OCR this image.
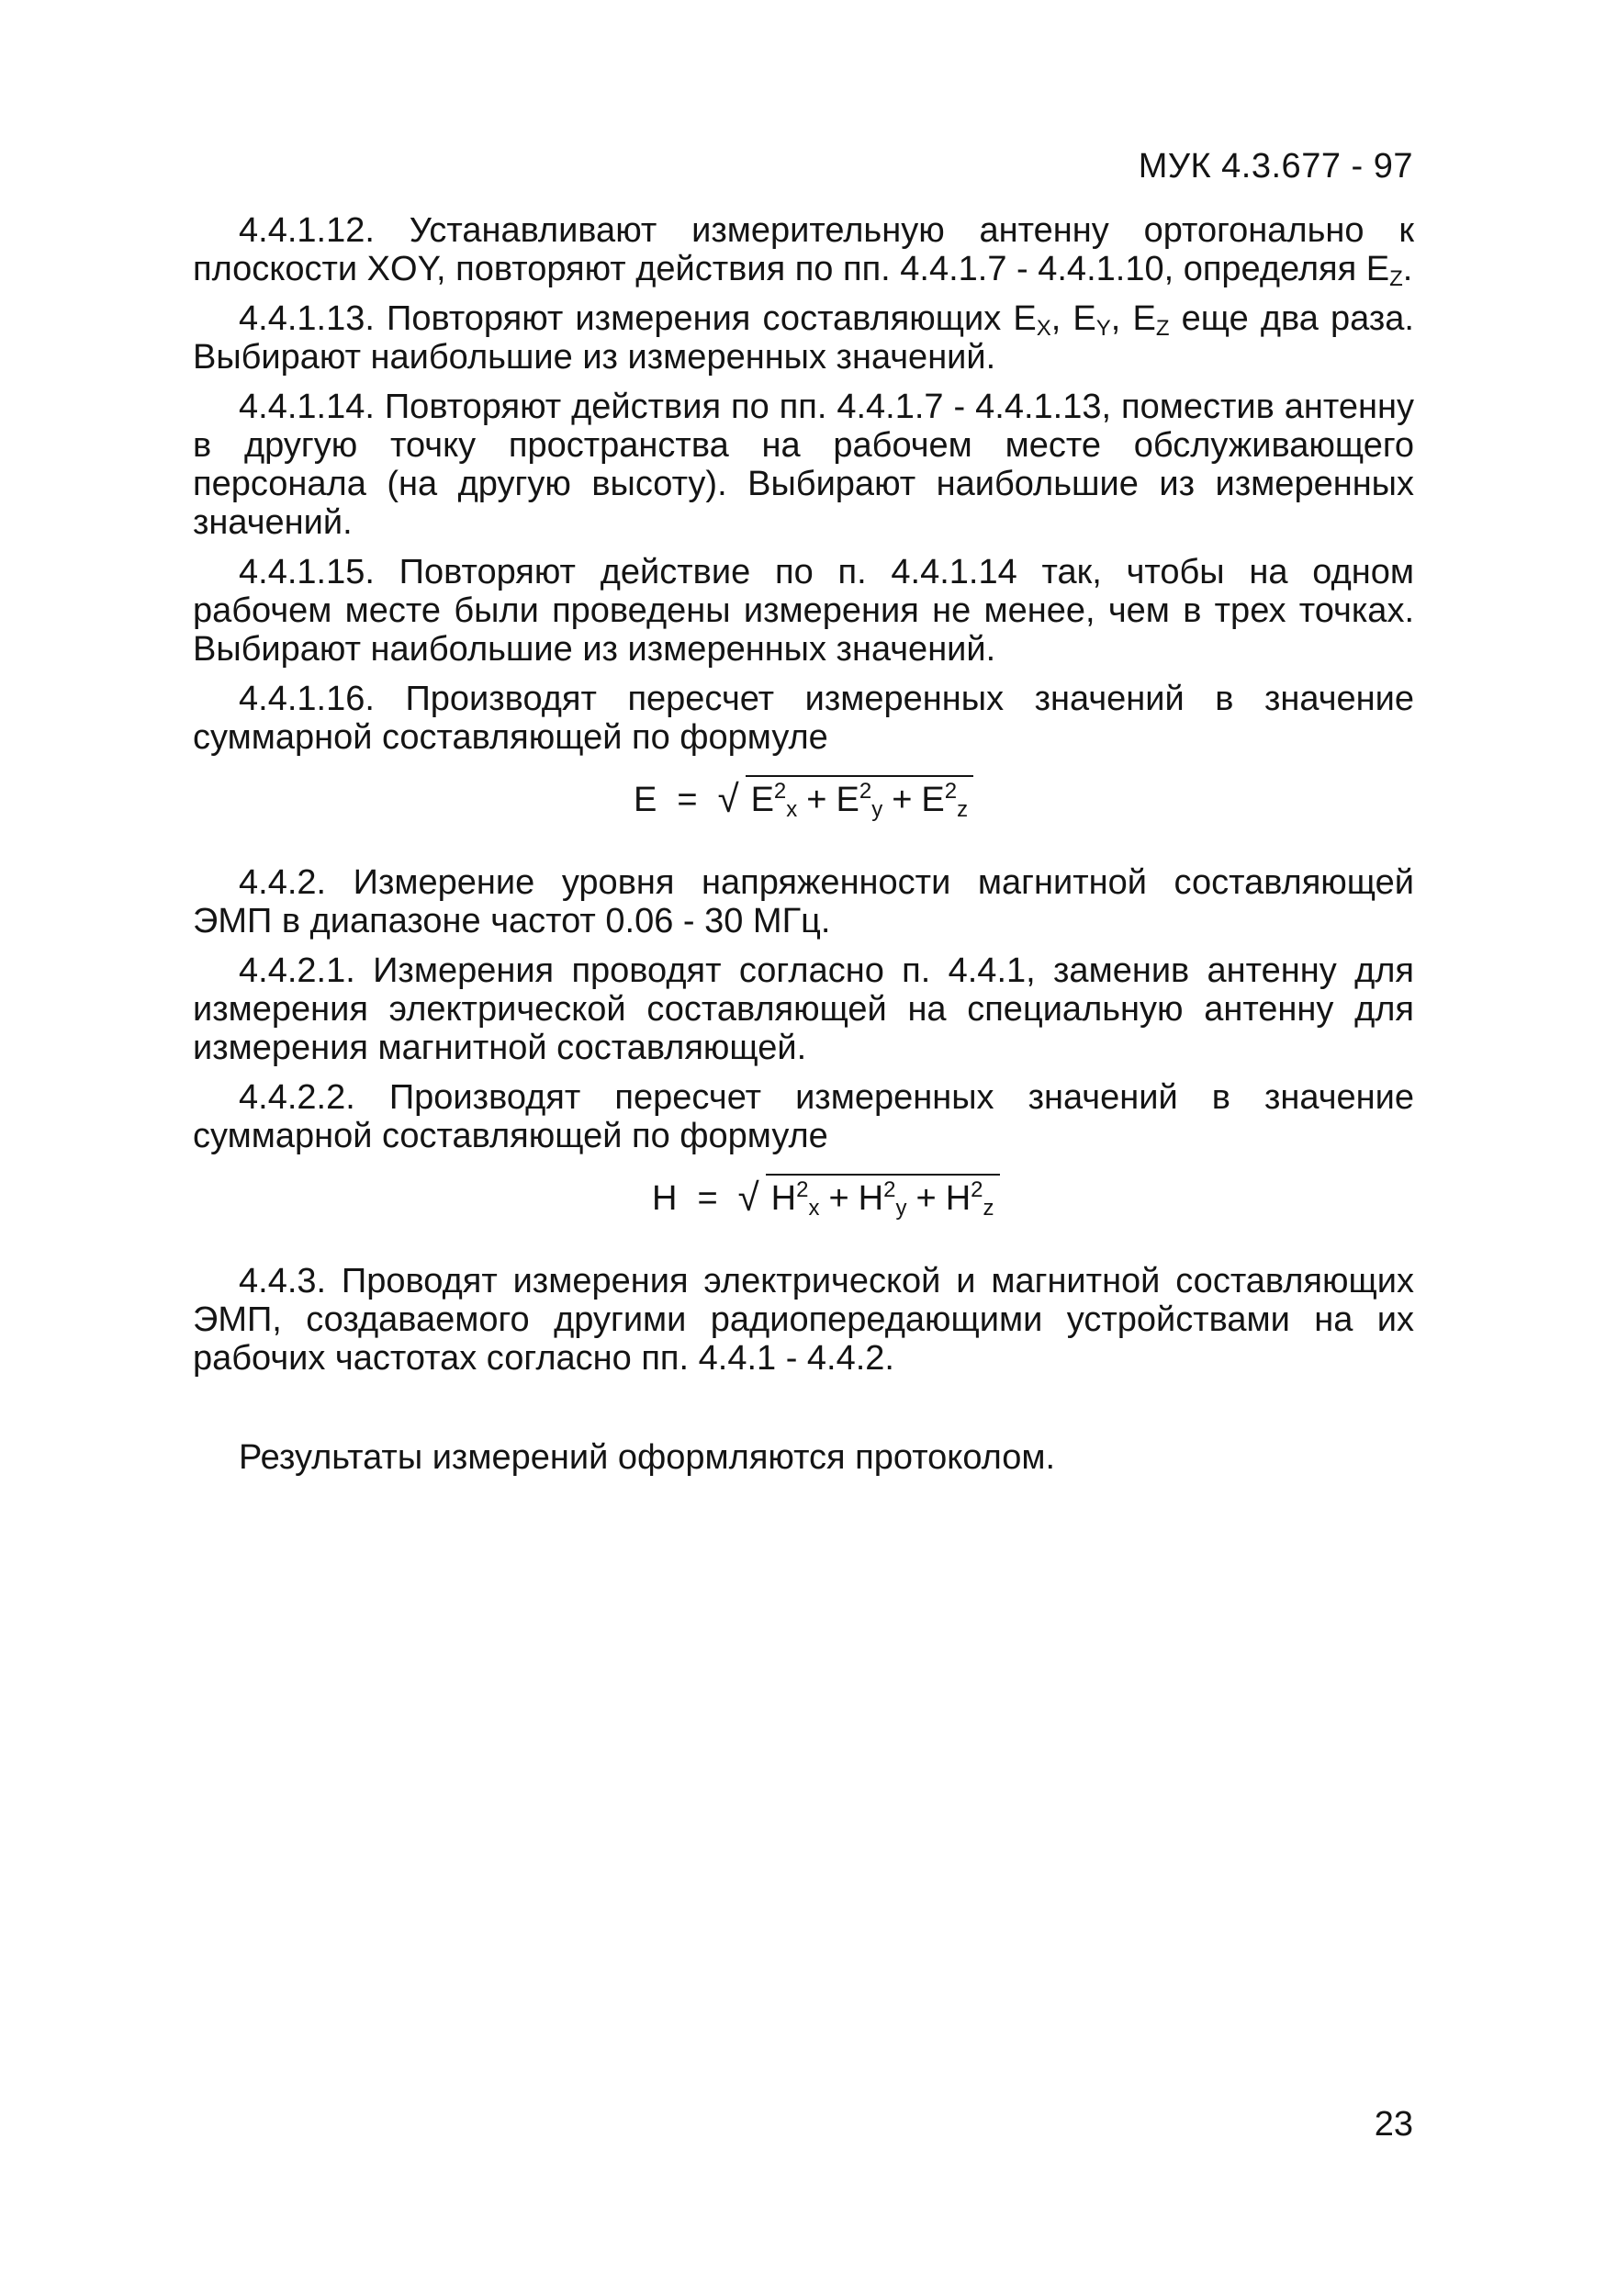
МУК 4.3.677 - 97

4.4.1.12. Устанавливают измерительную антенну ортогонально к плоскости XOY, повторяют действия по пп. 4.4.1.7 - 4.4.1.10, определяя $E_Z$.

4.4.1.13. Повторяют измерения составляющих $E_X$, $E_Y$, $E_Z$ еще два раза. Выбирают наибольшие из измеренных значений.

4.4.1.14. Повторяют действия по пп. 4.4.1.7 - 4.4.1.13, поместив антенну в другую точку пространства на рабочем месте обслуживающего персонала (на другую высоту). Выбирают наибольшие из измеренных значений.

4.4.1.15. Повторяют действие по п. 4.4.1.14 так, чтобы на одном рабочем месте были проведены измерения не менее, чем в трех точках. Выбирают наибольшие из измеренных значений.

4.4.1.16. Производят пересчет измеренных значений в значение суммарной составляющей по формуле

E = √ $E^2_x + E^2_y + E^2_z$

4.4.2. Измерение уровня напряженности магнитной составляющей ЭМП в диапазоне частот 0.06 - 30 МГц.

4.4.2.1. Измерения проводят согласно п. 4.4.1, заменив антенну для измерения электрической составляющей на специальную антенну для измерения магнитной составляющей.

4.4.2.2. Производят пересчет измеренных значений в значение суммарной составляющей по формуле

H = √ $H^2_x + H^2_y + H^2_z$

4.4.3. Проводят измерения электрической и магнитной составляющих ЭМП, создаваемого другими радиопередающими устройствами на их рабочих частотах согласно пп. 4.4.1 - 4.4.2.

Результаты измерений оформляются протоколом.
23
